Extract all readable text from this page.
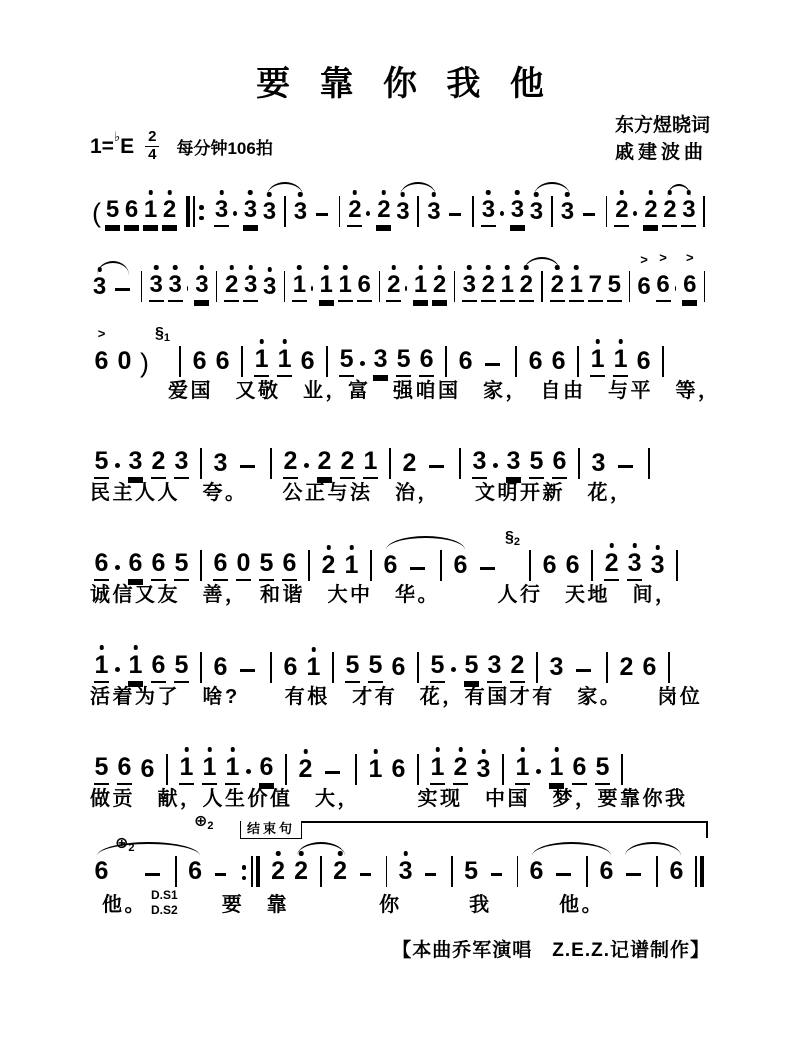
要 靠 你 我 他
$1=^♭E \frac{2}{4}$ 每分钟106拍
东方煜晓词
戚建波曲
( 5 6 1 2 3 3 3 3 2 2 3 3 3 3 3 3 2 2 2 3
3 3 3 3 2 3 3 1 1 1 6 2 1 2 3 2 1 2 2 1 7 5 6
>
6
>
6
>
6
>
0 )
§1
6 6 1 1 6 5 3 5 6 6 6 6 1 1 6
爱国　又敬　业，富　强咱国　家，　自由　与平　等，
5 3 2 3 3 2 2 2 1 2 3 3 5 6 3
民主人人　夸。　　公正与法　治，　　文明开新　花，
6 6 6 5 6 0 5 6 2 1 6 6
§2
6 6 2 3 3
诚信又友　善，　和谐　大中　华。　　　人行　天地　间，
1 1 6 5 6 6 1 5 5 6 5 5 3 2 3 2 6
活着为了　啥?　　有根　才有　花，有国才有　家。　　岗位
5 6 6 1 1 1 6 2 1 6 1 2 3 1 1 6 5
做贡　献，人生价值　大，　　　实现　中国　梦，要靠你我
⊕2	结束句
6
⊕2
6	2 2 2 3 5 6 6 6
他。 D.S1
D.S2 要　靠　　　　你　　　我　　　他。
【本曲乔军演唱　Z.E.Z.记谱制作】
